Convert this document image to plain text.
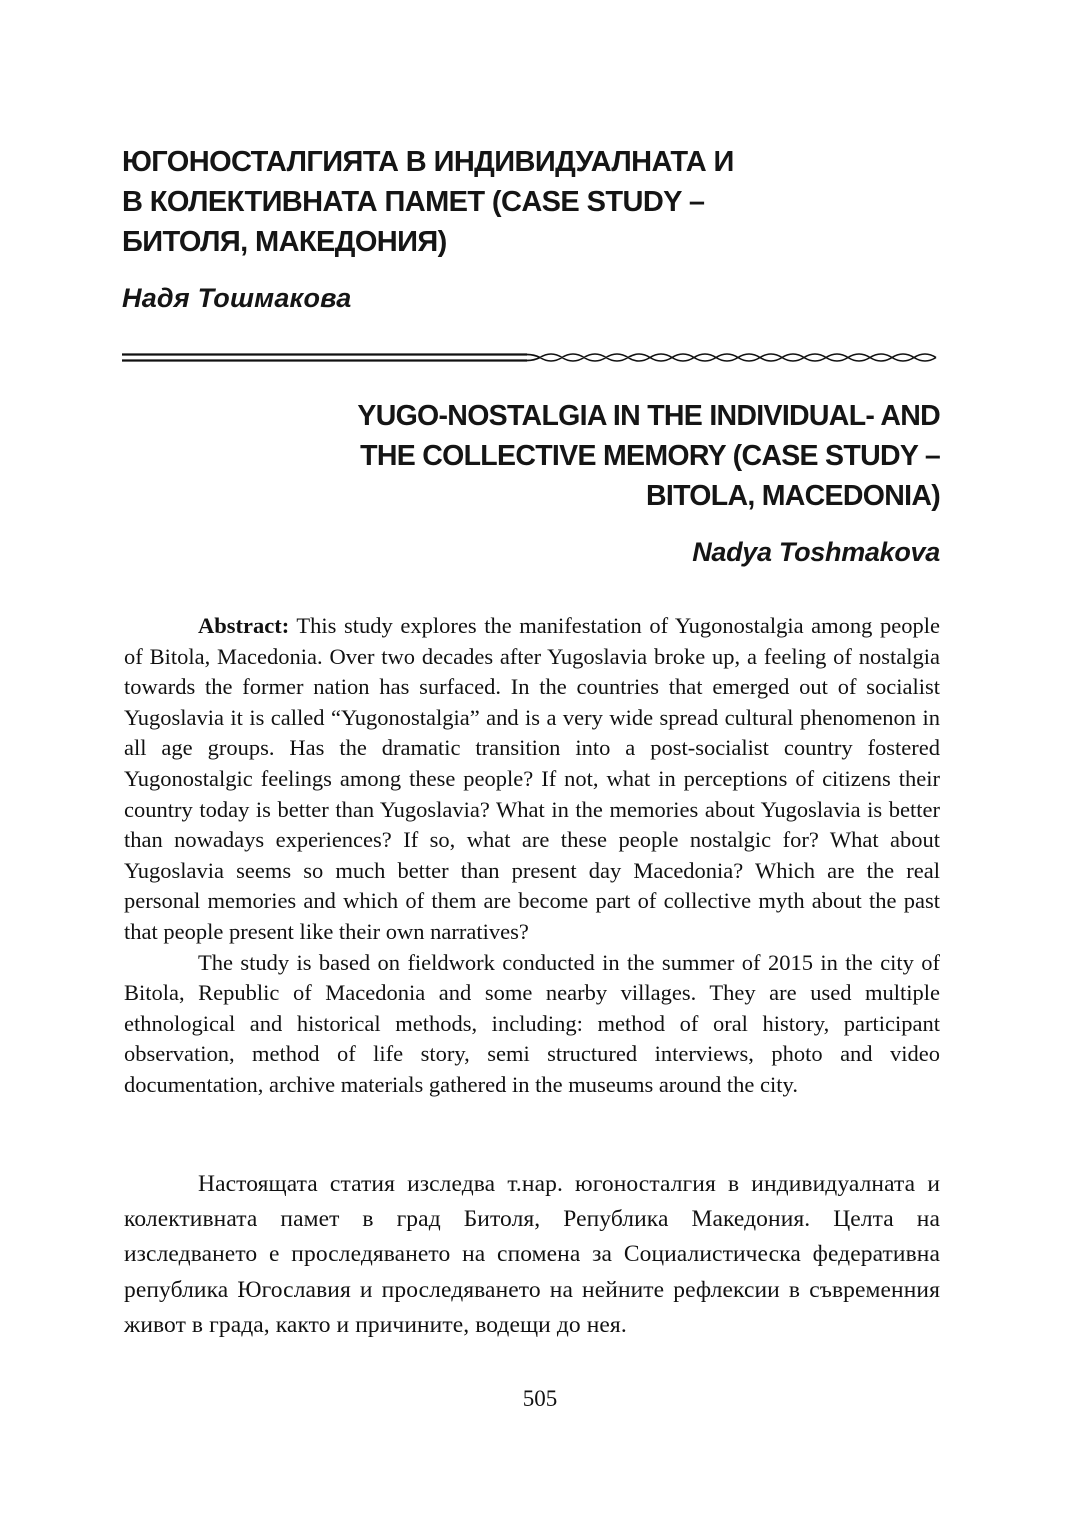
ЮГОНОСТАЛГИЯТА В ИНДИВИДУАЛНАТА И
В КОЛЕКТИВНАТА ПАМЕТ (CASE STUDY –
БИТОЛЯ, МАКЕДОНИЯ)
Надя Тошмакова
YUGO-NOSTALGIA IN THE INDIVIDUAL- AND
THE COLLECTIVE MEMORY (CASE STUDY –
BITOLA, MACEDONIA)
Nadya Toshmakova

Abstract: This study explores the manifestation of Yugonostalgia among people of Bitola, Macedonia. Over two decades after Yugoslavia broke up, a feeling of nostalgia towards the former nation has surfaced. In the countries that emerged out of socialist Yugoslavia it is called “Yugonostalgia” and is a very wide spread cultural phenomenon in all age groups. Has the dramatic transition into a post-socialist country fostered Yugonostalgic feelings among these people? If not, what in perceptions of citizens their country today is better than Yugoslavia? What in the memories about Yugoslavia is better than nowadays experiences? If so, what are these people nostalgic for? What about Yugoslavia seems so much better than present day Macedonia? Which are the real personal memories and which of them are become part of collective myth about the past that people present like their own narratives?

The study is based on fieldwork conducted in the summer of 2015 in the city of Bitola, Republic of Macedonia and some nearby villages. They are used multiple ethnological and historical methods, including: method of oral history, participant observation, method of life story, semi structured interviews, photo and video documentation, archive materials gathered in the museums around the city.

Настоящата статия изследва т.нар. югоносталгия в индивидуалната и колективната памет в град Битоля, Република Македония. Целта на изследването е проследяването на спомена за Социалистическа федеративна република Югославия и проследяването на нейните рефлексии в съвременния живот в града, както и причините, водещи до нея.

505
